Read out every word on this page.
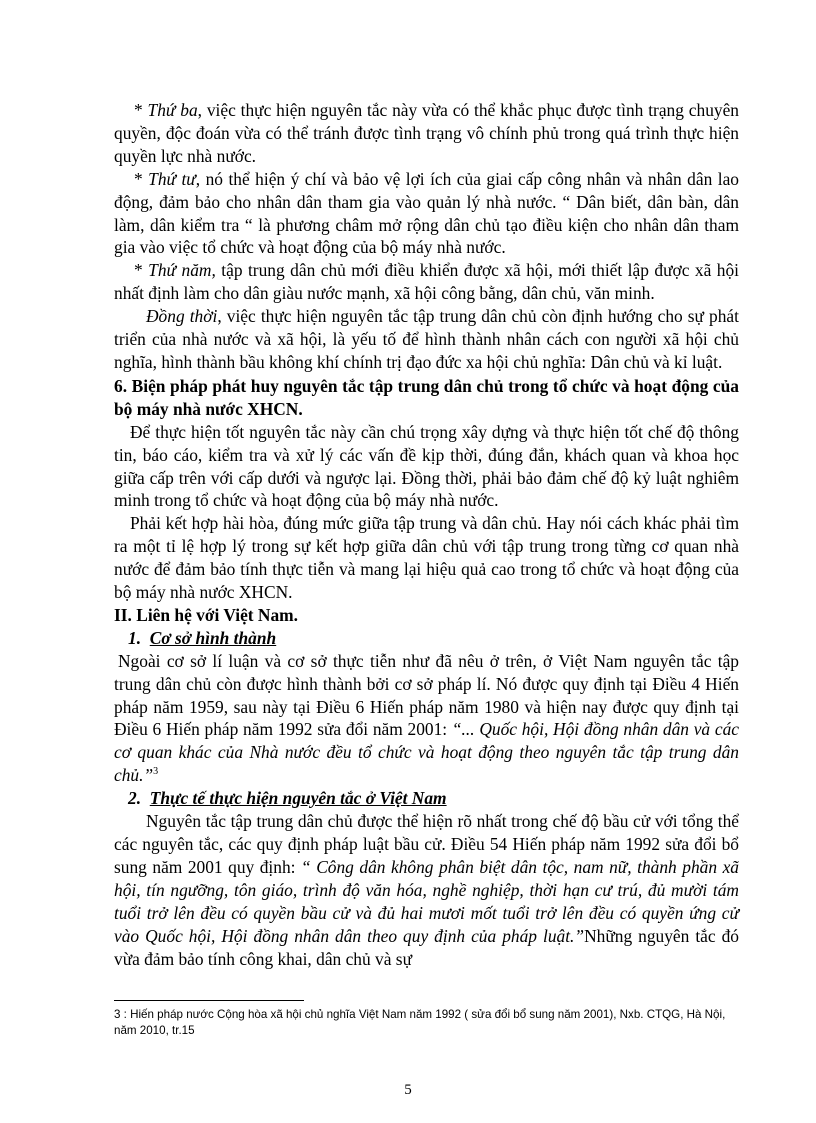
* Thứ ba, việc thực hiện nguyên tắc này vừa có thể khắc phục được tình trạng chuyên quyền, độc đoán vừa có thể tránh được tình trạng vô chính phủ trong quá trình thực hiện quyền lực nhà nước.

* Thứ tư, nó thể hiện ý chí và bảo vệ lợi ích của giai cấp công nhân và nhân dân lao động, đảm bảo cho nhân dân tham gia vào quản lý nhà nước. “ Dân biết, dân bàn, dân làm, dân kiểm tra “ là phương châm mở rộng dân chủ tạo điều kiện cho nhân dân tham gia vào việc tổ chức và hoạt động của bộ máy nhà nước.

* Thứ năm, tập trung dân chủ mới điều khiển được xã hội, mới thiết lập được xã hội nhất định làm cho dân giàu nước mạnh, xã hội công bằng, dân chủ, văn minh.

Đồng thời, việc thực hiện nguyên tắc tập trung dân chủ còn định hướng cho sự phát triển của nhà nước và xã hội, là yếu tố để hình thành nhân cách con người xã hội chủ nghĩa, hình thành bầu không khí chính trị đạo đức xa hội chủ nghĩa: Dân chủ và kỉ luật.

6. Biện pháp phát huy nguyên tắc tập trung dân chủ trong tổ chức và hoạt động của bộ máy nhà nước XHCN.

Để thực hiện tốt nguyên tắc này cần chú trọng xây dựng và thực hiện tốt chế độ thông tin, báo cáo, kiểm tra và xử lý các vấn đề kịp thời, đúng đắn, khách quan và khoa học giữa cấp trên với cấp dưới và ngược lại. Đồng thời, phải bảo đảm chế độ kỷ luật nghiêm minh trong tổ chức và hoạt động của bộ máy nhà nước.

Phải kết hợp hài hòa, đúng mức giữa tập trung và dân chủ. Hay nói cách khác phải tìm ra một tỉ lệ hợp lý trong sự kết hợp giữa dân chủ với tập trung trong từng cơ quan nhà nước để đảm bảo tính thực tiễn và mang lại hiệu quả cao trong tổ chức và hoạt động của bộ máy nhà nước XHCN.

II. Liên hệ với Việt Nam.

1. Cơ sở hình thành

Ngoài cơ sở lí luận và cơ sở thực tiễn như đã nêu ở trên, ở Việt Nam nguyên tắc tập trung dân chủ còn được hình thành bởi cơ sở pháp lí. Nó được quy định tại Điều 4 Hiến pháp năm 1959, sau này tại Điều 6 Hiến pháp năm 1980 và hiện nay được quy định tại Điều 6 Hiến pháp năm 1992 sửa đổi năm 2001: “... Quốc hội, Hội đồng nhân dân và các cơ quan khác của Nhà nước đều tổ chức và hoạt động theo nguyên tắc tập trung dân chủ.”$^3$

2. Thực tế thực hiện nguyên tắc ở Việt Nam

Nguyên tắc tập trung dân chủ được thể hiện rõ nhất trong chế độ bầu cử với tổng thể các nguyên tắc, các quy định pháp luật bầu cử. Điều 54 Hiến pháp năm 1992 sửa đổi bổ sung năm 2001 quy định: “ Công dân không phân biệt dân tộc, nam nữ, thành phần xã hội, tín ngưỡng, tôn giáo, trình độ văn hóa, nghề nghiệp, thời hạn cư trú, đủ mười tám tuổi trở lên đều có quyền bầu cử và đủ hai mươi mốt tuổi trở lên đều có quyền ứng cử vào Quốc hội, Hội đồng nhân dân theo quy định của pháp luật.”Những nguyên tắc đó vừa đảm bảo tính công khai, dân chủ và sự

3 : Hiến pháp nước Cộng hòa xã hội chủ nghĩa Việt Nam năm 1992 ( sửa đổi bổ sung năm 2001), Nxb. CTQG, Hà Nội, năm 2010, tr.15
5
